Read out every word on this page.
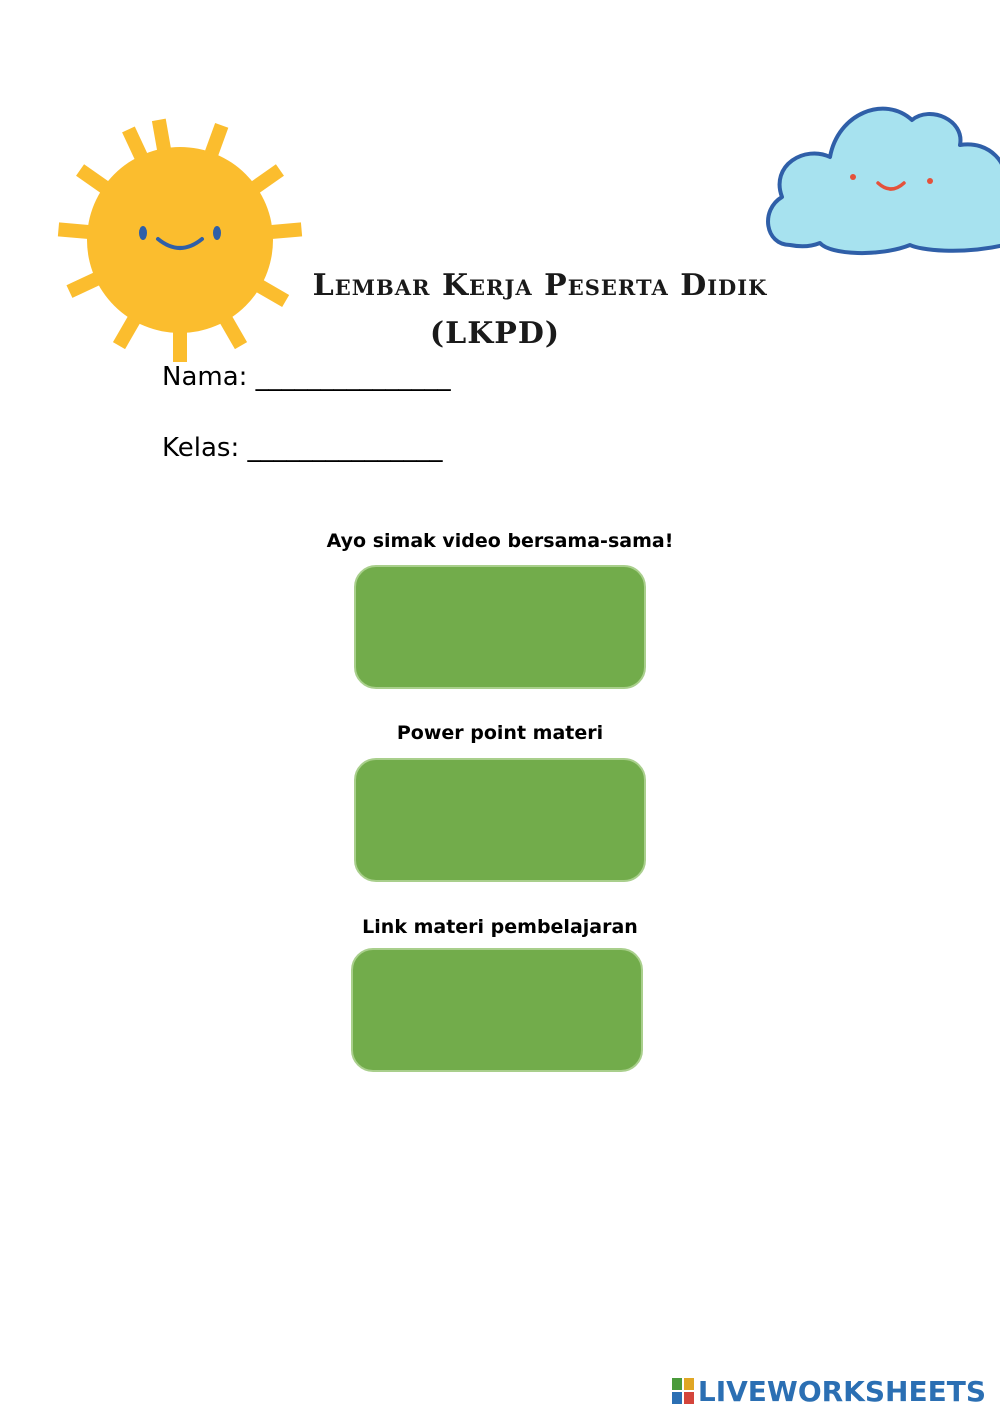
Lembar Kerja Peserta Didik
(LKPD)
Nama: _______________
Kelas: _______________
Ayo simak video bersama-sama!
Power point materi
Link materi pembelajaran
LIVEWORKSHEETS
